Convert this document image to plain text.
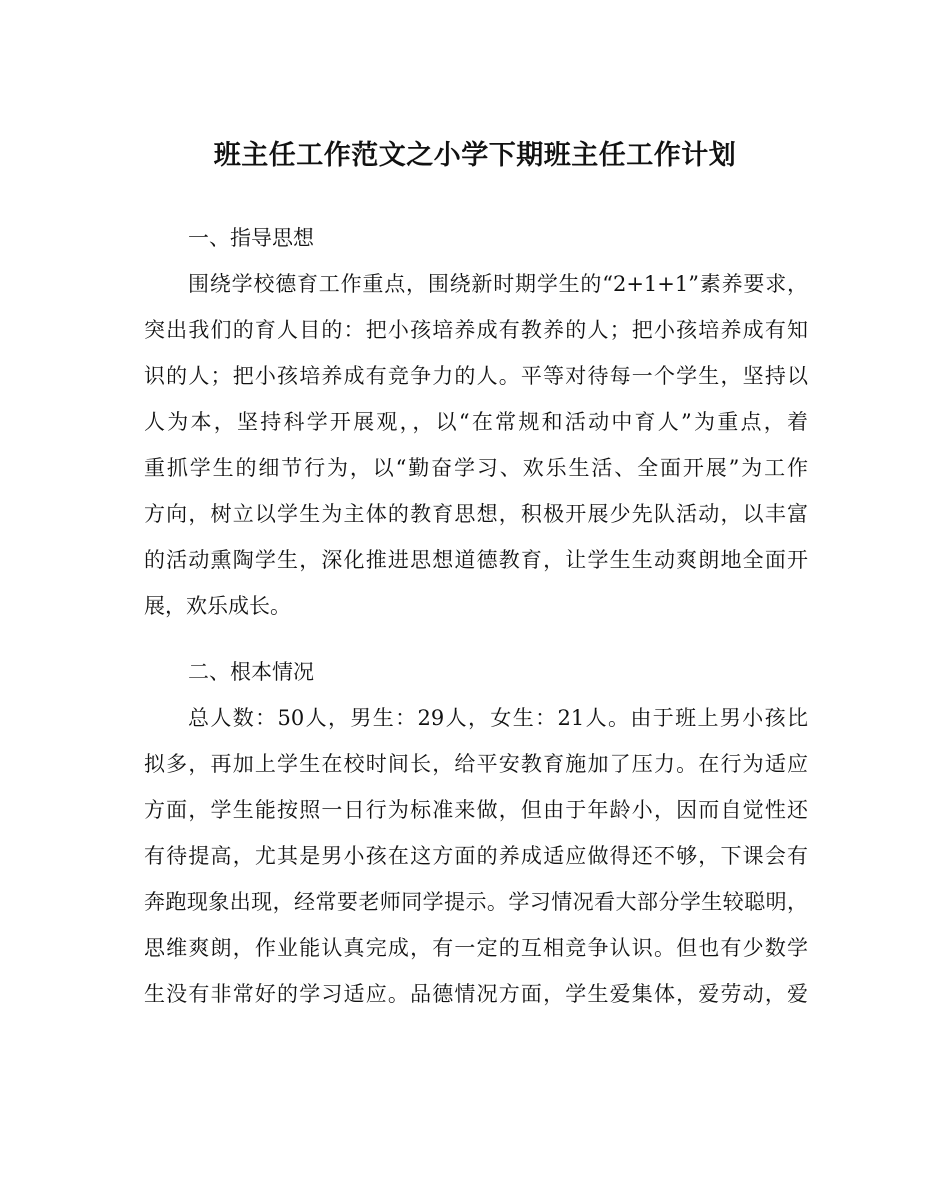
班主任工作范文之小学下期班主任工作计划

一、指导思想

围绕学校德育工作重点，围绕新时期学生的“2+1+1”素养要求，

突出我们的育人目的：把小孩培养成有教养的人；把小孩培养成有知

识的人；把小孩培养成有竞争力的人。平等对待每一个学生，坚持以

人为本，坚持科学开展观，，以“在常规和活动中育人”为重点，着

重抓学生的细节行为，以“勤奋学习、欢乐生活、全面开展”为工作

方向，树立以学生为主体的教育思想，积极开展少先队活动，以丰富

的活动熏陶学生，深化推进思想道德教育，让学生生动爽朗地全面开

展，欢乐成长。

二、根本情况

总人数：50人，男生：29人，女生：21人。由于班上男小孩比

拟多，再加上学生在校时间长，给平安教育施加了压力。在行为适应

方面，学生能按照一日行为标准来做，但由于年龄小，因而自觉性还

有待提高，尤其是男小孩在这方面的养成适应做得还不够，下课会有

奔跑现象出现，经常要老师同学提示。学习情况看大部分学生较聪明，

思维爽朗，作业能认真完成，有一定的互相竞争认识。但也有少数学

生没有非常好的学习适应。品德情况方面，学生爱集体，爱劳动，爱
